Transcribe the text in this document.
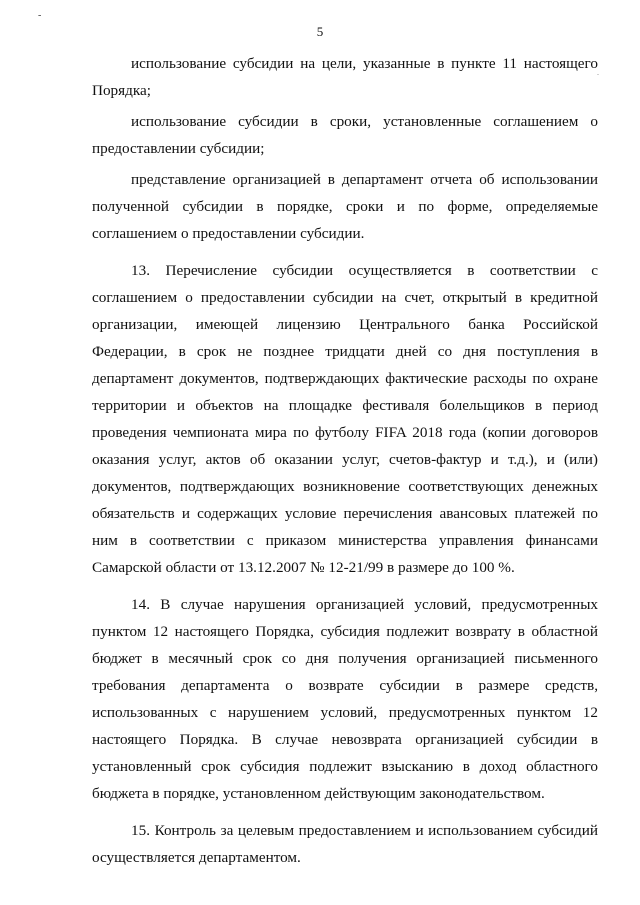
-
.
5

использование субсидии на цели, указанные в пункте 11 настоящего Порядка;

использование субсидии в сроки, установленные соглашением о предоставлении субсидии;

представление организацией в департамент отчета об использовании полученной субсидии в порядке, сроки и по форме, определяемые соглашением о предоставлении субсидии.

13. Перечисление субсидии осуществляется в соответствии с соглашением о предоставлении субсидии на счет, открытый в кредитной организации, имеющей лицензию Центрального банка Российской Федерации, в срок не позднее тридцати дней со дня поступления в департамент документов, подтверждающих фактические расходы по охране территории и объектов на площадке фестиваля болельщиков в период проведения чемпионата мира по футболу FIFA 2018 года (копии договоров оказания услуг, актов об оказании услуг, счетов-фактур и т.д.), и (или) документов, подтверждающих возникновение соответствующих денежных обязательств и содержащих условие перечисления авансовых платежей по ним в соответствии с приказом министерства управления финансами Самарской области от 13.12.2007 № 12-21/99 в размере до 100 %.

14. В случае нарушения организацией условий, предусмотренных пунктом 12 настоящего Порядка, субсидия подлежит возврату в областной бюджет в месячный срок со дня получения организацией письменного требования департамента о возврате субсидии в размере средств, использованных с нарушением условий, предусмотренных пунктом 12 настоящего Порядка. В случае невозврата организацией субсидии в установленный срок субсидия подлежит взысканию в доход областного бюджета в порядке, установленном действующим законодательством.

15. Контроль за целевым предоставлением и использованием субсидий осуществляется департаментом.
